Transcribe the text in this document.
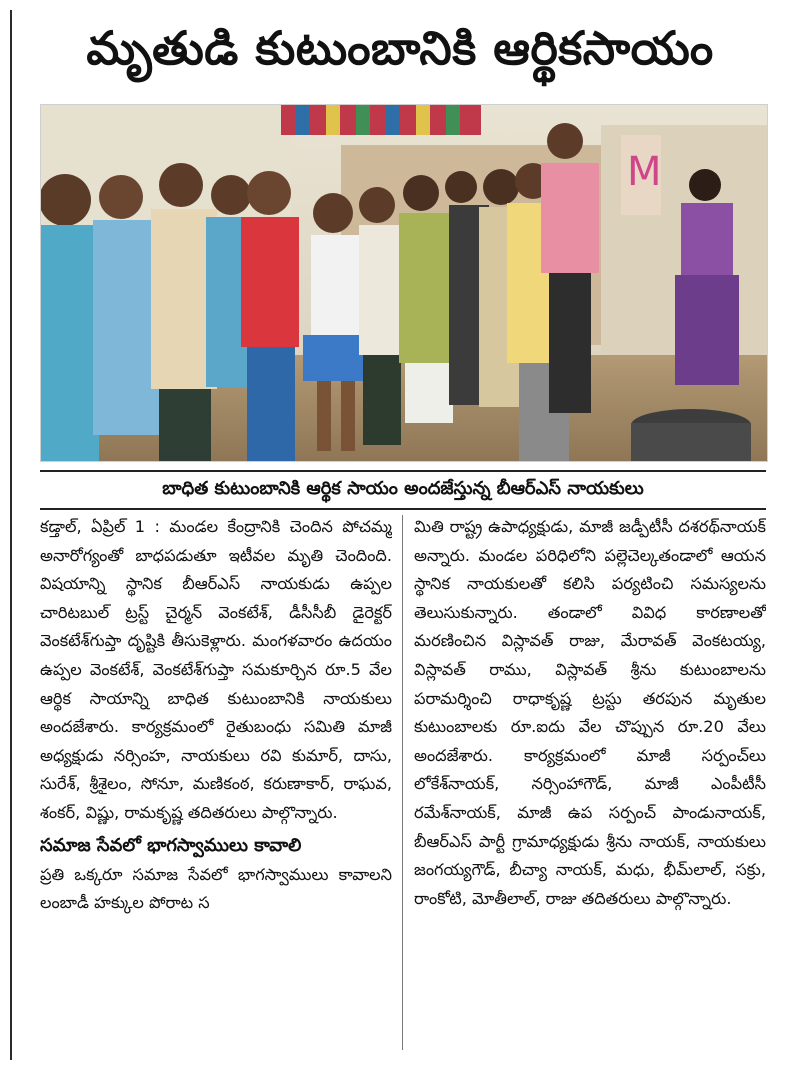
మృతుడి కుటుంబానికి ఆర్థికసాయం
M
బాధిత కుటుంబానికి ఆర్థిక సాయం అందజేస్తున్న బీఆర్ఎస్ నాయకులు

కడ్తాల్, ఏప్రిల్ 1 : మండల కేంద్రానికి చెందిన పోచమ్మ అనారోగ్యంతో బాధపడుతూ ఇటీవల మృతి చెందింది. విషయాన్ని స్థానిక బీఆర్ఎస్ నాయకుడు ఉప్పల చారిటబుల్ ట్రస్ట్ చైర్మన్ వెంకటేశ్, డీసీసీబీ డైరెక్టర్ వెంకటేశ్‌గుప్తా దృష్టికి తీసుకెళ్లారు. మంగళవారం ఉదయం ఉప్పల వెంకటేశ్, వెంకటేశ్‌గుప్తా సమకూర్చిన రూ.5 వేల ఆర్థిక సాయాన్ని బాధిత కుటుంబానికి నాయకులు అందజేశారు. కార్యక్రమంలో రైతుబంధు సమితి మాజీ అధ్యక్షుడు నర్సింహ, నాయకులు రవి కుమార్, దాసు, సురేశ్, శ్రీశైలం, సోనూ, మణికంఠ, కరుణాకార్, రాఘవ, శంకర్, విష్ణు, రామకృష్ణ తదితరులు పాల్గొన్నారు.

సమాజ సేవలో భాగస్వాములు కావాలి

ప్రతి ఒక్కరూ సమాజ సేవలో భాగస్వాములు కావాలని లంబాడీ హక్కుల పోరాట స

మితి రాష్ట్ర ఉపాధ్యక్షుడు, మాజీ జడ్పీటీసీ దశరథ్‌నాయక్ అన్నారు. మండల పరిధిలోని పల్లెచెల్కతండాలో ఆయన స్థానిక నాయకులతో కలిసి పర్యటించి సమస్యలను తెలుసుకున్నారు. తండాలో వివిధ కారణాలతో మరణించిన విస్లావత్ రాజు, మేరావత్ వెంకటయ్య, విస్లావత్ రాము, విస్లావత్ శ్రీను కుటుంబాలను పరామర్శించి రాధాకృష్ణ ట్రస్టు తరపున మృతుల కుటుంబాలకు రూ.ఐదు వేల చొప్పున రూ.20 వేలు అందజేశారు. కార్యక్రమంలో మాజీ సర్పంచ్‌లు లోకేశ్‌నాయక్, నర్సింహాగౌడ్, మాజీ ఎంపీటీసీ రమేశ్‌నాయక్, మాజీ ఉప సర్పంచ్ పాండునాయక్, బీఆర్ఎస్ పార్టీ గ్రామాధ్యక్షుడు శ్రీను నాయక్, నాయకులు జంగయ్యగౌడ్, బీచ్యా నాయక్, మధు, భీమ్‌లాల్, సక్రు, రాంకోటి, మోతీలాల్, రాజు తదితరులు పాల్గొన్నారు.
